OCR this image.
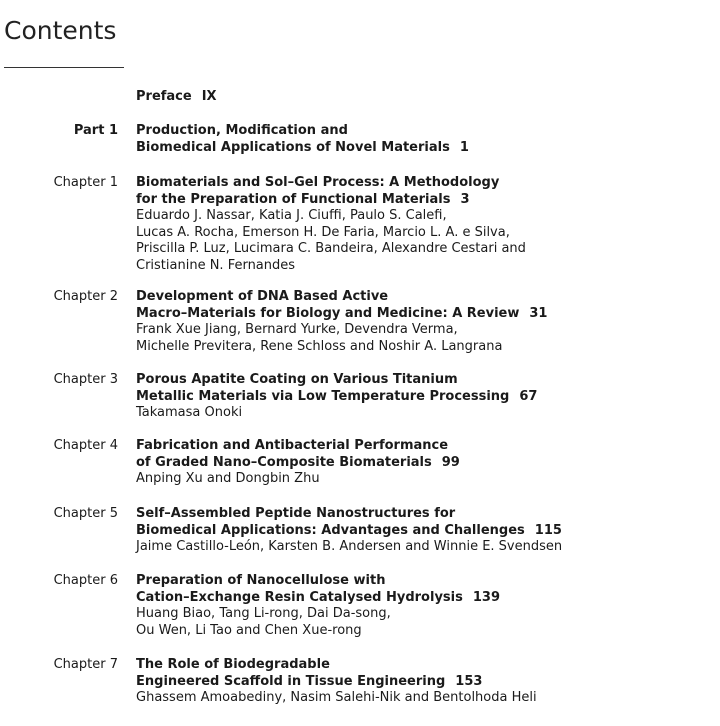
Contents
Preface IX
Part 1 Production, Modification and
Biomedical Applications of Novel Materials 1
Chapter 1 Biomaterials and Sol–Gel Process: A Methodology
for the Preparation of Functional Materials 3
Eduardo J. Nassar, Katia J. Ciuffi, Paulo S. Calefi,
Lucas A. Rocha, Emerson H. De Faria, Marcio L. A. e Silva,
Priscilla P. Luz, Lucimara C. Bandeira, Alexandre Cestari and
Cristianine N. Fernandes
Chapter 2 Development of DNA Based Active
Macro–Materials for Biology and Medicine: A Review 31
Frank Xue Jiang, Bernard Yurke, Devendra Verma,
Michelle Previtera, Rene Schloss and Noshir A. Langrana
Chapter 3 Porous Apatite Coating on Various Titanium
Metallic Materials via Low Temperature Processing 67
Takamasa Onoki
Chapter 4 Fabrication and Antibacterial Performance
of Graded Nano–Composite Biomaterials 99
Anping Xu and Dongbin Zhu
Chapter 5 Self–Assembled Peptide Nanostructures for
Biomedical Applications: Advantages and Challenges 115
Jaime Castillo-León, Karsten B. Andersen and Winnie E. Svendsen
Chapter 6 Preparation of Nanocellulose with
Cation–Exchange Resin Catalysed Hydrolysis 139
Huang Biao, Tang Li-rong, Dai Da-song,
Ou Wen, Li Tao and Chen Xue-rong
Chapter 7 The Role of Biodegradable
Engineered Scaffold in Tissue Engineering 153
Ghassem Amoabediny, Nasim Salehi-Nik and Bentolhoda Heli
